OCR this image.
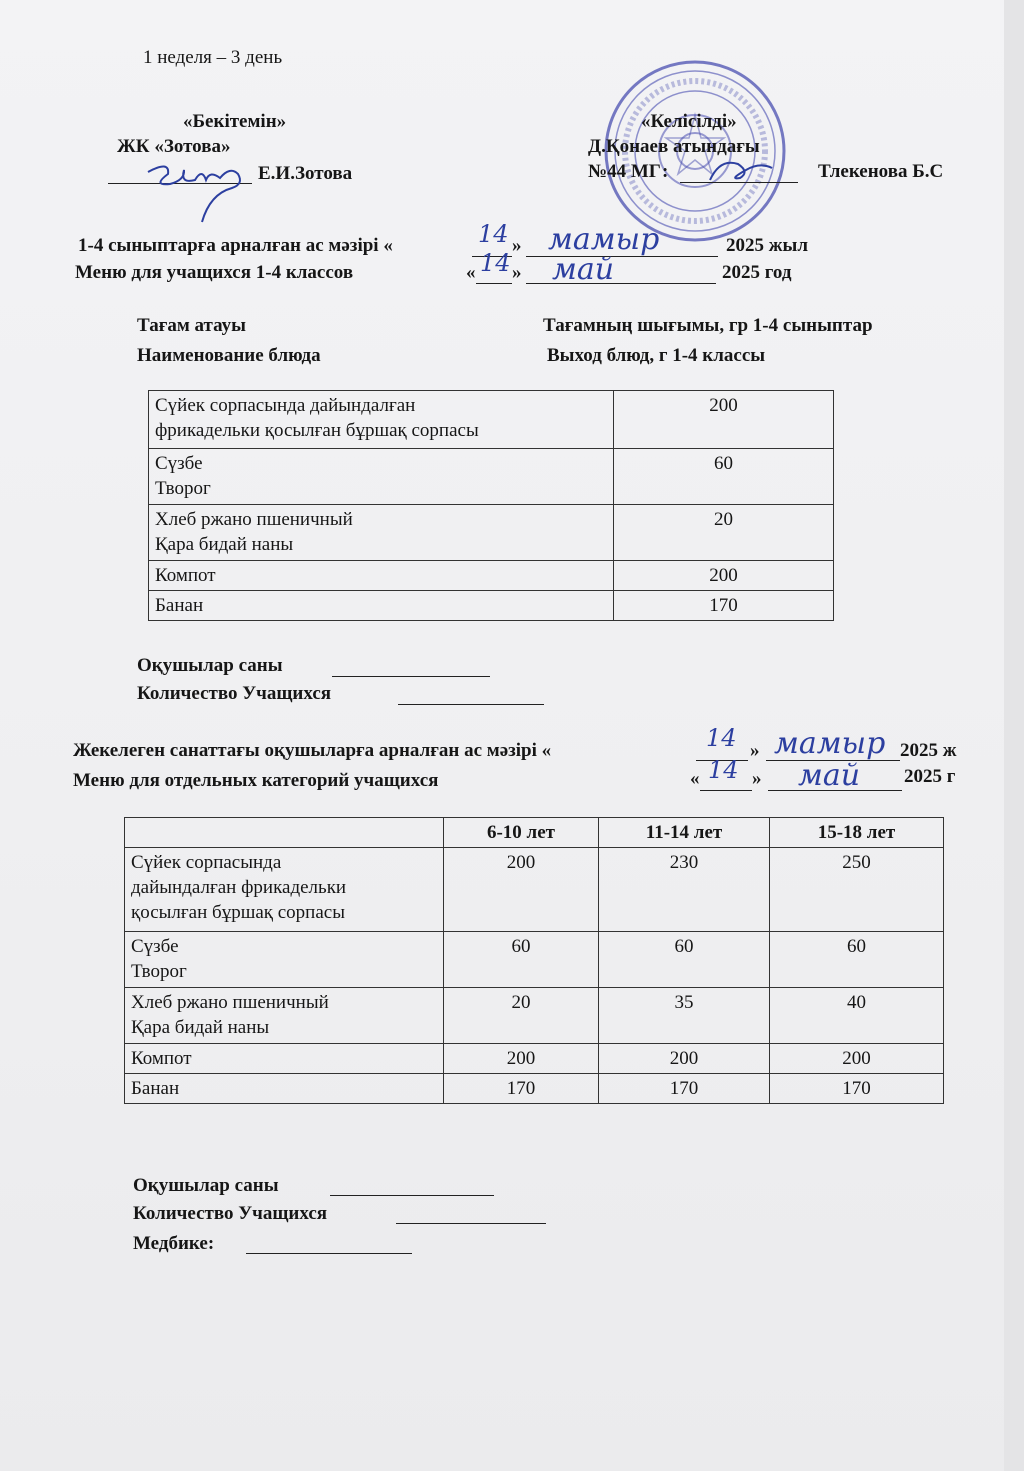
1 неделя – 3 день
«Бекітемін»
ЖК «Зотова»
Е.И.Зотова
«Келісілді»
Д.Қонаев атындағы
№44 МГ :	Тлекенова Б.С
1-4 сыныптарға арналған ас мәзірі «	14 » мамыр	2025 жыл
Меню для учащихся 1-4 классов	« 14 » май	2025 год
Тағам атауы
Наименование блюда
Тағамның шығымы, гр 1-4 сыныптар
Выход блюд, г 1-4 классы
Сүйек сорпасында дайындалған
фрикадельки қосылған бұршақ сорпасы	200

Сүзбе
Творог	60

Хлеб ржано пшеничный
Қара бидай наны	20
Компот	200
Банан	170
Оқушылар саны
Количество Учащихся
Жекелеген санаттағы оқушыларға арналған ас мәзірі «	14 » мамыр 2025 ж
Меню для отдельных категорий учащихся	« 14 » май 2025 г
	6-10 лет	11-14 лет	15-18 лет

Сүйек сорпасында
дайындалған фрикадельки
қосылған бұршақ сорпасы	200	230	250

Сүзбе
Творог	60	60	60

Хлеб ржано пшеничный
Қара бидай наны	20	35	40
Компот	200	200	200
Банан	170	170	170
Оқушылар саны
Количество Учащихся
Медбике:
